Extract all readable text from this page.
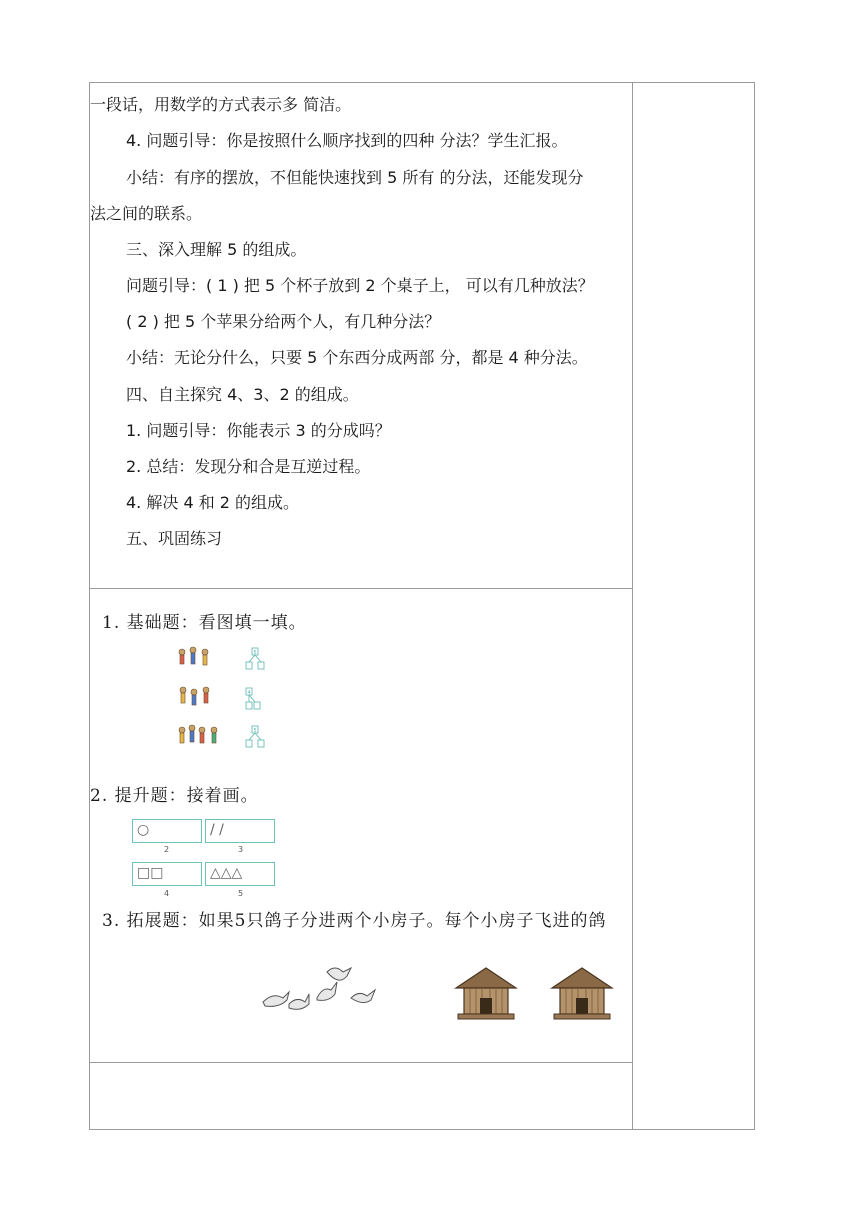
一段话，用数学的方式表示多 简洁。
4. 问题引导：你是按照什么顺序找到的四种 分法？学生汇报。
小结：有序的摆放，不但能快速找到 5 所有 的分法，还能发现分
法之间的联系。
三、深入理解 5 的组成。
问题引导：( 1 ) 把 5 个杯子放到 2 个桌子上， 可以有几种放法？
( 2 ) 把 5 个苹果分给两个人，有几种分法？
小结：无论分什么，只要 5 个东西分成两部 分，都是 4 种分法。
四、自主探究 4、3、2 的组成。
1. 问题引导：你能表示 3 的分成吗？
2. 总结：发现分和合是互逆过程。
4. 解决 4 和 2 的组成。
五、巩固练习
1. 基础题：看图填一填。
5
4
5
2. 提升题：接着画。
○
2
/ /
3
□□
4
△△△
5
3. 拓展题：如果5只鸽子分进两个小房子。每个小房子飞进的鸽
